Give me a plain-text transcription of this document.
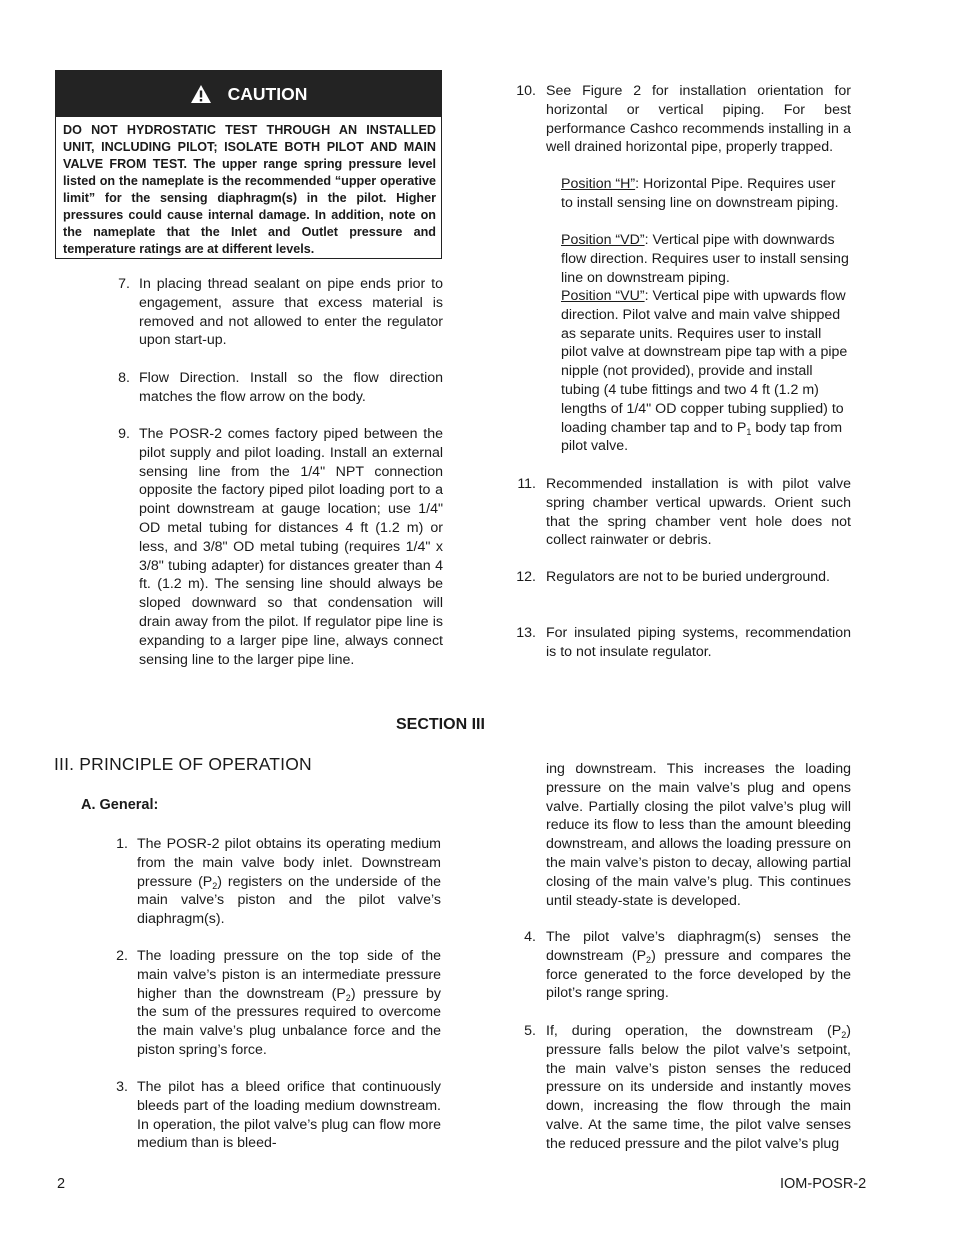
CAUTION
DO NOT HYDROSTATIC TEST THROUGH AN INSTALLED UNIT, INCLUDING PILOT; ISOLATE BOTH PILOT AND MAIN VALVE FROM TEST. The upper range spring pressure level listed on the nameplate is the recommended “upper operative limit” for the sensing diaphragm(s) in the pilot. Higher pressures could cause internal damage. In addition, note on the nameplate that the Inlet and Outlet pressure and temperature ratings are at different levels.
7. In placing thread sealant on pipe ends prior to engagement, assure that excess material is removed and not allowed to enter the regulator upon start-up.
8. Flow Direction. Install so the flow direction matches the flow arrow on the body.
9. The POSR-2 comes factory piped between the pilot supply and pilot loading. Install an external sensing line from the 1/4" NPT connection opposite the factory piped pilot loading port to a point downstream at gauge location; use 1/4" OD metal tubing for distances 4 ft (1.2 m) or less, and 3/8" OD metal tubing (requires 1/4" x 3/8" tubing adapter) for distances greater than 4 ft. (1.2 m). The sensing line should always be sloped downward so that condensation will drain away from the pilot. If regulator pipe line is expanding to a larger pipe line, always connect sensing line to the larger pipe line.
10. See Figure 2 for installation orientation for horizontal or vertical piping. For best performance Cashco recommends installing in a well drained horizontal pipe, properly trapped.
Position “H”: Horizontal Pipe. Requires user to install sensing line on downstream piping.
Position “VD”: Vertical pipe with downwards flow direction. Requires user to install sensing line on downstream piping.
Position “VU”: Vertical pipe with upwards flow direction. Pilot valve and main valve shipped as separate units. Requires user to install pilot valve at downstream pipe tap with a pipe nipple (not provided), provide and install tubing (4 tube fittings and two 4 ft (1.2 m) lengths of 1/4" OD copper tubing supplied) to loading chamber tap and to $P_1$ body tap from pilot valve.
11. Recommended installation is with pilot valve spring chamber vertical upwards. Orient such that the spring chamber vent hole does not collect rainwater or debris.
12. Regulators are not to be buried underground.
13. For insulated piping systems, recommendation is to not insulate regulator.
SECTION III
III. PRINCIPLE OF OPERATION
A. General:
1. The POSR-2 pilot obtains its operating medium from the main valve body inlet. Downstream pressure $(P_2)$ registers on the underside of the main valve’s piston and the pilot valve’s diaphragm(s).
2. The loading pressure on the top side of the main valve’s piston is an intermediate pressure higher than the downstream $(P_2)$ pressure by the sum of the pressures required to overcome the main valve’s plug unbalance force and the piston spring’s force.
3. The pilot has a bleed orifice that continuously bleeds part of the loading medium downstream. In operation, the pilot valve’s plug can flow more medium than is bleed-
ing downstream. This increases the loading pressure on the main valve’s plug and opens valve. Partially closing the pilot valve’s plug will reduce its flow to less than the amount bleeding downstream, and allows the loading pressure on the main valve’s piston to decay, allowing partial closing of the main valve’s plug. This continues until steady-state is developed.
4. The pilot valve’s diaphragm(s) senses the downstream $(P_2)$ pressure and compares the force generated to the force developed by the pilot’s range spring.
5. If, during operation, the downstream $(P_2)$ pressure falls below the pilot valve’s setpoint, the main valve’s piston senses the reduced pressure on its underside and instantly moves down, increasing the flow through the main valve. At the same time, the pilot valve senses the reduced pressure and the pilot valve’s plug
2	IOM-POSR-2
